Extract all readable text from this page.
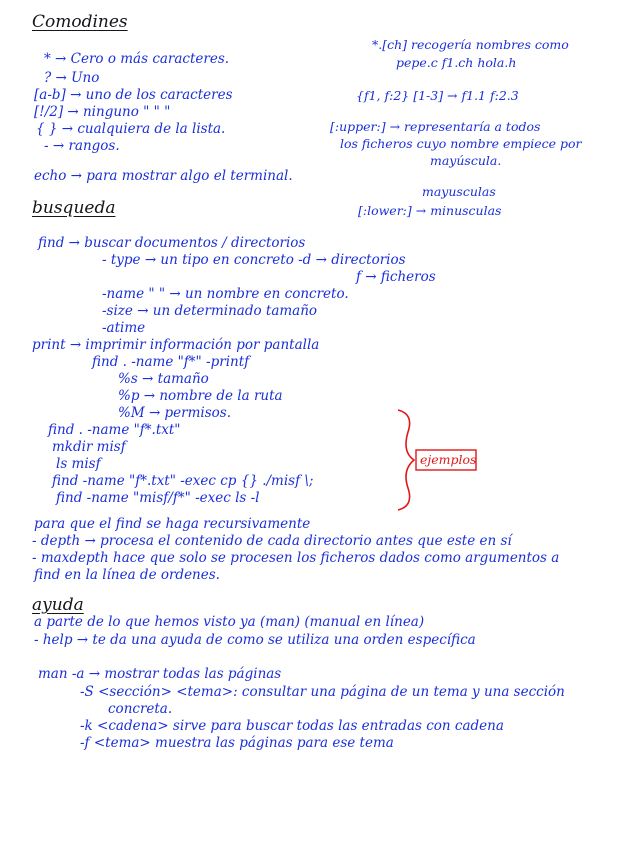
Comodines
busqueda
ayuda
* → Cero o más caracteres.
? → Uno
[a-b] → uno de los caracteres
[!/2] → ninguno " " "
{ } → cualquiera de la lista.
- → rangos.
echo → para mostrar algo el terminal.
*.[ch] recogería nombres como
pepe.c f1.ch hola.h
{f1, f:2} [1-3] → f1.1 f:2.3
[:upper:] → representaría a todos
los ficheros cuyo nombre empiece por
mayúscula.
mayusculas
[:lower:] → minusculas
find → buscar documentos / directorios
- type → un tipo en concreto -d → directorios
f → ficheros
-name " " → un nombre en concreto.
-size → un determinado tamaño
-atime
print → imprimir información por pantalla
find . -name "f*" -printf
%s → tamaño
%p → nombre de la ruta
%M → permisos.
find . -name "f*.txt"
mkdir misf
ls misf
find -name "f*.txt" -exec cp {} ./misf \;
find -name "misf/f*" -exec ls -l
ejemplos
para que el find se haga recursivamente
- depth → procesa el contenido de cada directorio antes que este en sí
- maxdepth hace que solo se procesen los ficheros dados como argumentos a
find en la línea de ordenes.
a parte de lo que hemos visto ya (man) (manual en línea)
- help → te da una ayuda de como se utiliza una orden específica
man -a → mostrar todas las páginas
-S <sección> <tema>: consultar una página de un tema y una sección
concreta.
-k <cadena> sirve para buscar todas las entradas con cadena
-f <tema> muestra las páginas para ese tema
